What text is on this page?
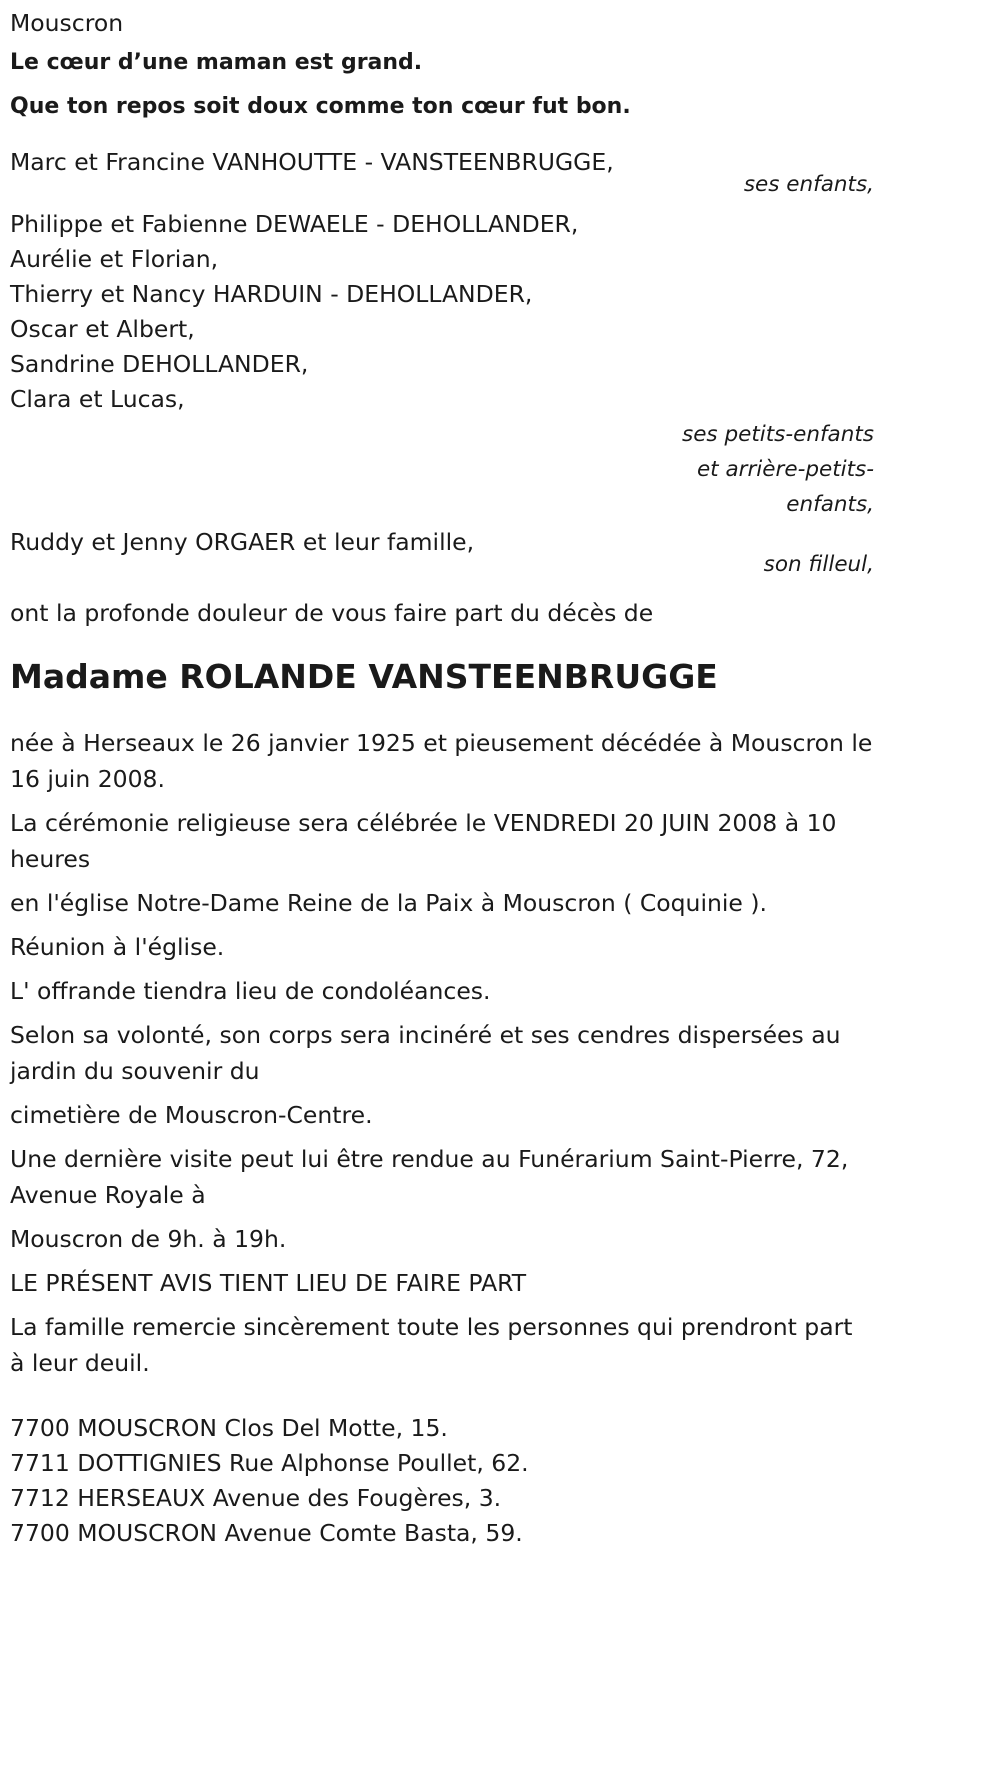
Mouscron
Le cœur d’une maman est grand.
Que ton repos soit doux comme ton cœur fut bon.
Marc et Francine VANHOUTTE - VANSTEENBRUGGE,
ses enfants,
Philippe et Fabienne DEWAELE - DEHOLLANDER,
Aurélie et Florian,
Thierry et Nancy HARDUIN - DEHOLLANDER,
Oscar et Albert,
Sandrine DEHOLLANDER,
Clara et Lucas,
ses petits-enfants
et arrière-petits-
enfants,
Ruddy et Jenny ORGAER et leur famille,
son filleul,
ont la profonde douleur de vous faire part du décès de
Madame ROLANDE VANSTEENBRUGGE
née à Herseaux le 26 janvier 1925 et pieusement décédée à Mouscron le 16 juin 2008.
La cérémonie religieuse sera célébrée le VENDREDI 20 JUIN 2008 à 10 heures
en l'église Notre-Dame Reine de la Paix à Mouscron ( Coquinie ).
Réunion à l'église.
L' offrande tiendra lieu de condoléances.
Selon sa volonté, son corps sera incinéré et ses cendres dispersées au jardin du souvenir du
cimetière de Mouscron-Centre.
Une dernière visite peut lui être rendue au Funérarium Saint-Pierre, 72, Avenue Royale à
Mouscron de 9h. à 19h.
LE PRÉSENT AVIS TIENT LIEU DE FAIRE PART
La famille remercie sincèrement toute les personnes qui prendront part à leur deuil.
7700 MOUSCRON Clos Del Motte, 15.
7711 DOTTIGNIES Rue Alphonse Poullet, 62.
7712 HERSEAUX Avenue des Fougères, 3.
7700 MOUSCRON Avenue Comte Basta, 59.
